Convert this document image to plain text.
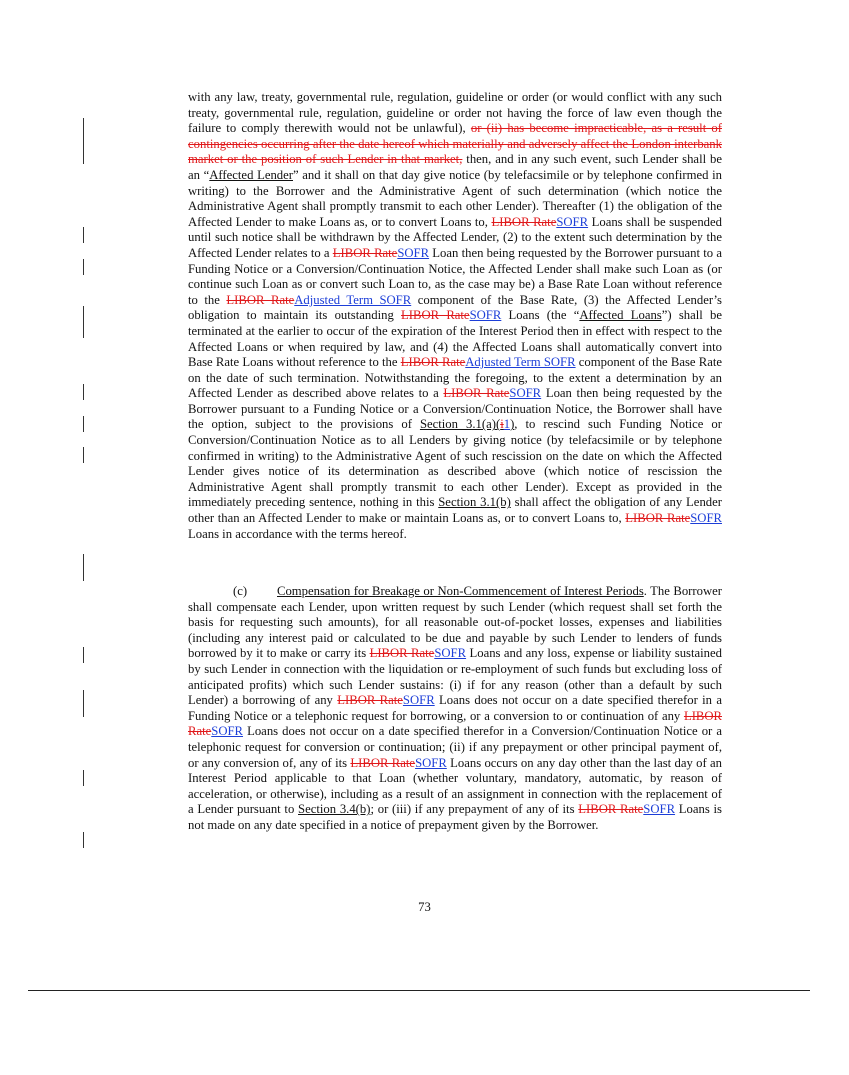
with any law, treaty, governmental rule, regulation, guideline or order (or would conflict with any such treaty, governmental rule, regulation, guideline or order not having the force of law even though the failure to comply therewith would not be unlawful), or (ii) has become impracticable, as a result of contingencies occurring after the date hereof which materially and adversely affect the London interbank market or the position of such Lender in that market, then, and in any such event, such Lender shall be an “Affected Lender” and it shall on that day give notice (by telefacsimile or by telephone confirmed in writing) to the Borrower and the Administrative Agent of such determination (which notice the Administrative Agent shall promptly transmit to each other Lender). Thereafter (1) the obligation of the Affected Lender to make Loans as, or to convert Loans to, LIBOR RateSOFR Loans shall be suspended until such notice shall be withdrawn by the Affected Lender, (2) to the extent such determination by the Affected Lender relates to a LIBOR RateSOFR Loan then being requested by the Borrower pursuant to a Funding Notice or a Conversion/Continuation Notice, the Affected Lender shall make such Loan as (or continue such Loan as or convert such Loan to, as the case may be) a Base Rate Loan without reference to the LIBOR RateAdjusted Term SOFR component of the Base Rate, (3) the Affected Lender’s obligation to maintain its outstanding LIBOR RateSOFR Loans (the “Affected Loans”) shall be terminated at the earlier to occur of the expiration of the Interest Period then in effect with respect to the Affected Loans or when required by law, and (4) the Affected Loans shall automatically convert into Base Rate Loans without reference to the LIBOR RateAdjusted Term SOFR component of the Base Rate on the date of such termination. Notwithstanding the foregoing, to the extent a determination by an Affected Lender as described above relates to a LIBOR RateSOFR Loan then being requested by the Borrower pursuant to a Funding Notice or a Conversion/Continuation Notice, the Borrower shall have the option, subject to the provisions of Section 3.1(a)(i1), to rescind such Funding Notice or Conversion/Continuation Notice as to all Lenders by giving notice (by telefacsimile or by telephone confirmed in writing) to the Administrative Agent of such rescission on the date on which the Affected Lender gives notice of its determination as described above (which notice of rescission the Administrative Agent shall promptly transmit to each other Lender). Except as provided in the immediately preceding sentence, nothing in this Section 3.1(b) shall affect the obligation of any Lender other than an Affected Lender to make or maintain Loans as, or to convert Loans to, LIBOR RateSOFR Loans in accordance with the terms hereof.

(c) Compensation for Breakage or Non-Commencement of Interest Periods. The Borrower shall compensate each Lender, upon written request by such Lender (which request shall set forth the basis for requesting such amounts), for all reasonable out-of-pocket losses, expenses and liabilities (including any interest paid or calculated to be due and payable by such Lender to lenders of funds borrowed by it to make or carry its LIBOR RateSOFR Loans and any loss, expense or liability sustained by such Lender in connection with the liquidation or re-employment of such funds but excluding loss of anticipated profits) which such Lender sustains: (i) if for any reason (other than a default by such Lender) a borrowing of any LIBOR RateSOFR Loans does not occur on a date specified therefor in a Funding Notice or a telephonic request for borrowing, or a conversion to or continuation of any LIBOR RateSOFR Loans does not occur on a date specified therefor in a Conversion/Continuation Notice or a telephonic request for conversion or continuation; (ii) if any prepayment or other principal payment of, or any conversion of, any of its LIBOR RateSOFR Loans occurs on any day other than the last day of an Interest Period applicable to that Loan (whether voluntary, mandatory, automatic, by reason of acceleration, or otherwise), including as a result of an assignment in connection with the replacement of a Lender pursuant to Section 3.4(b); or (iii) if any prepayment of any of its LIBOR RateSOFR Loans is not made on any date specified in a notice of prepayment given by the Borrower.

73
